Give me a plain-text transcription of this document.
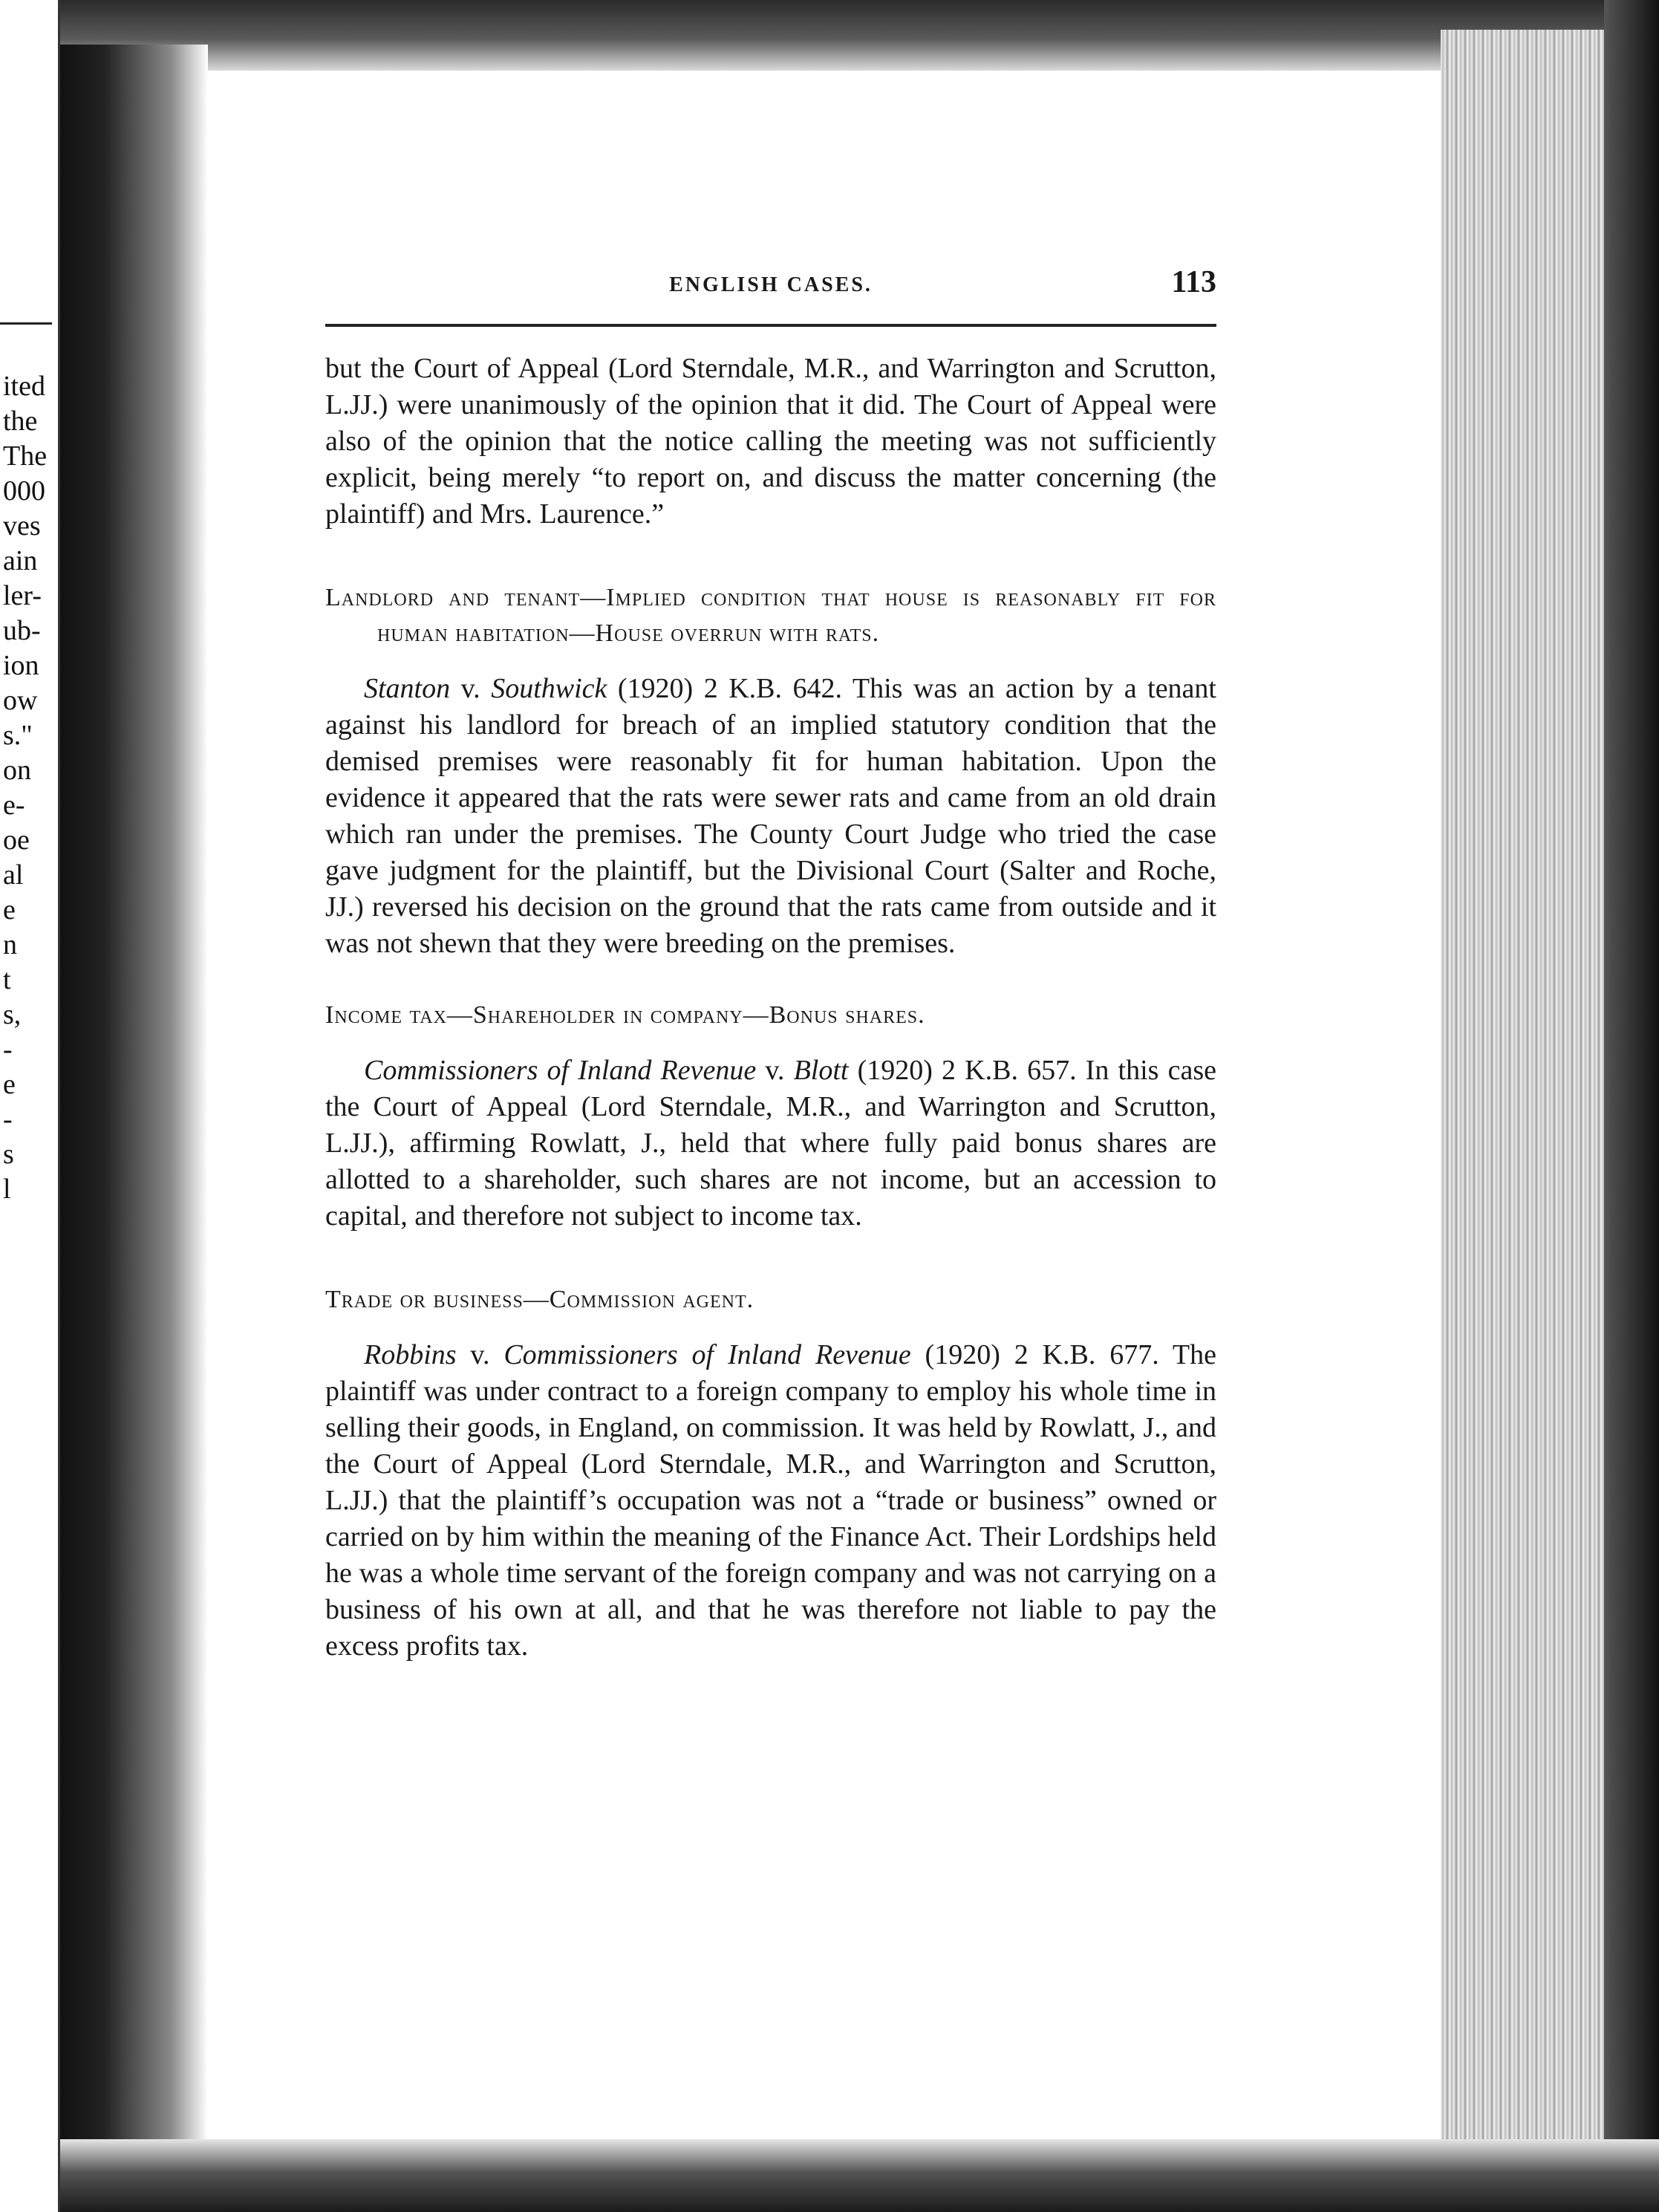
ited
the
The
000
ves
ain
ler-
ub-
ion
ow
s."
on
e-
oe
al
e
n
t
s,
-
e
-
s
l
ENGLISH CASES.	113

but the Court of Appeal (Lord Sterndale, M.R., and Warrington and Scrutton, L.JJ.) were unanimously of the opinion that it did. The Court of Appeal were also of the opinion that the notice calling the meeting was not sufficiently explicit, being merely “to report on, and discuss the matter concerning (the plaintiff) and Mrs. Laurence.”

Landlord and tenant—Implied condition that house is reasonably fit for human habitation—House overrun with rats.

Stanton v. Southwick (1920) 2 K.B. 642. This was an action by a tenant against his landlord for breach of an implied statutory condition that the demised premises were reasonably fit for human habitation. Upon the evidence it appeared that the rats were sewer rats and came from an old drain which ran under the premises. The County Court Judge who tried the case gave judgment for the plaintiff, but the Divisional Court (Salter and Roche, JJ.) reversed his decision on the ground that the rats came from outside and it was not shewn that they were breeding on the premises.

Income tax—Shareholder in company—Bonus shares.

Commissioners of Inland Revenue v. Blott (1920) 2 K.B. 657. In this case the Court of Appeal (Lord Sterndale, M.R., and Warrington and Scrutton, L.JJ.), affirming Rowlatt, J., held that where fully paid bonus shares are allotted to a shareholder, such shares are not income, but an accession to capital, and therefore not subject to income tax.

Trade or business—Commission agent.

Robbins v. Commissioners of Inland Revenue (1920) 2 K.B. 677. The plaintiff was under contract to a foreign company to employ his whole time in selling their goods, in England, on commission. It was held by Rowlatt, J., and the Court of Appeal (Lord Sterndale, M.R., and Warrington and Scrutton, L.JJ.) that the plaintiff’s occupation was not a “trade or business” owned or carried on by him within the meaning of the Finance Act. Their Lordships held he was a whole time servant of the foreign company and was not carrying on a business of his own at all, and that he was therefore not liable to pay the excess profits tax.
